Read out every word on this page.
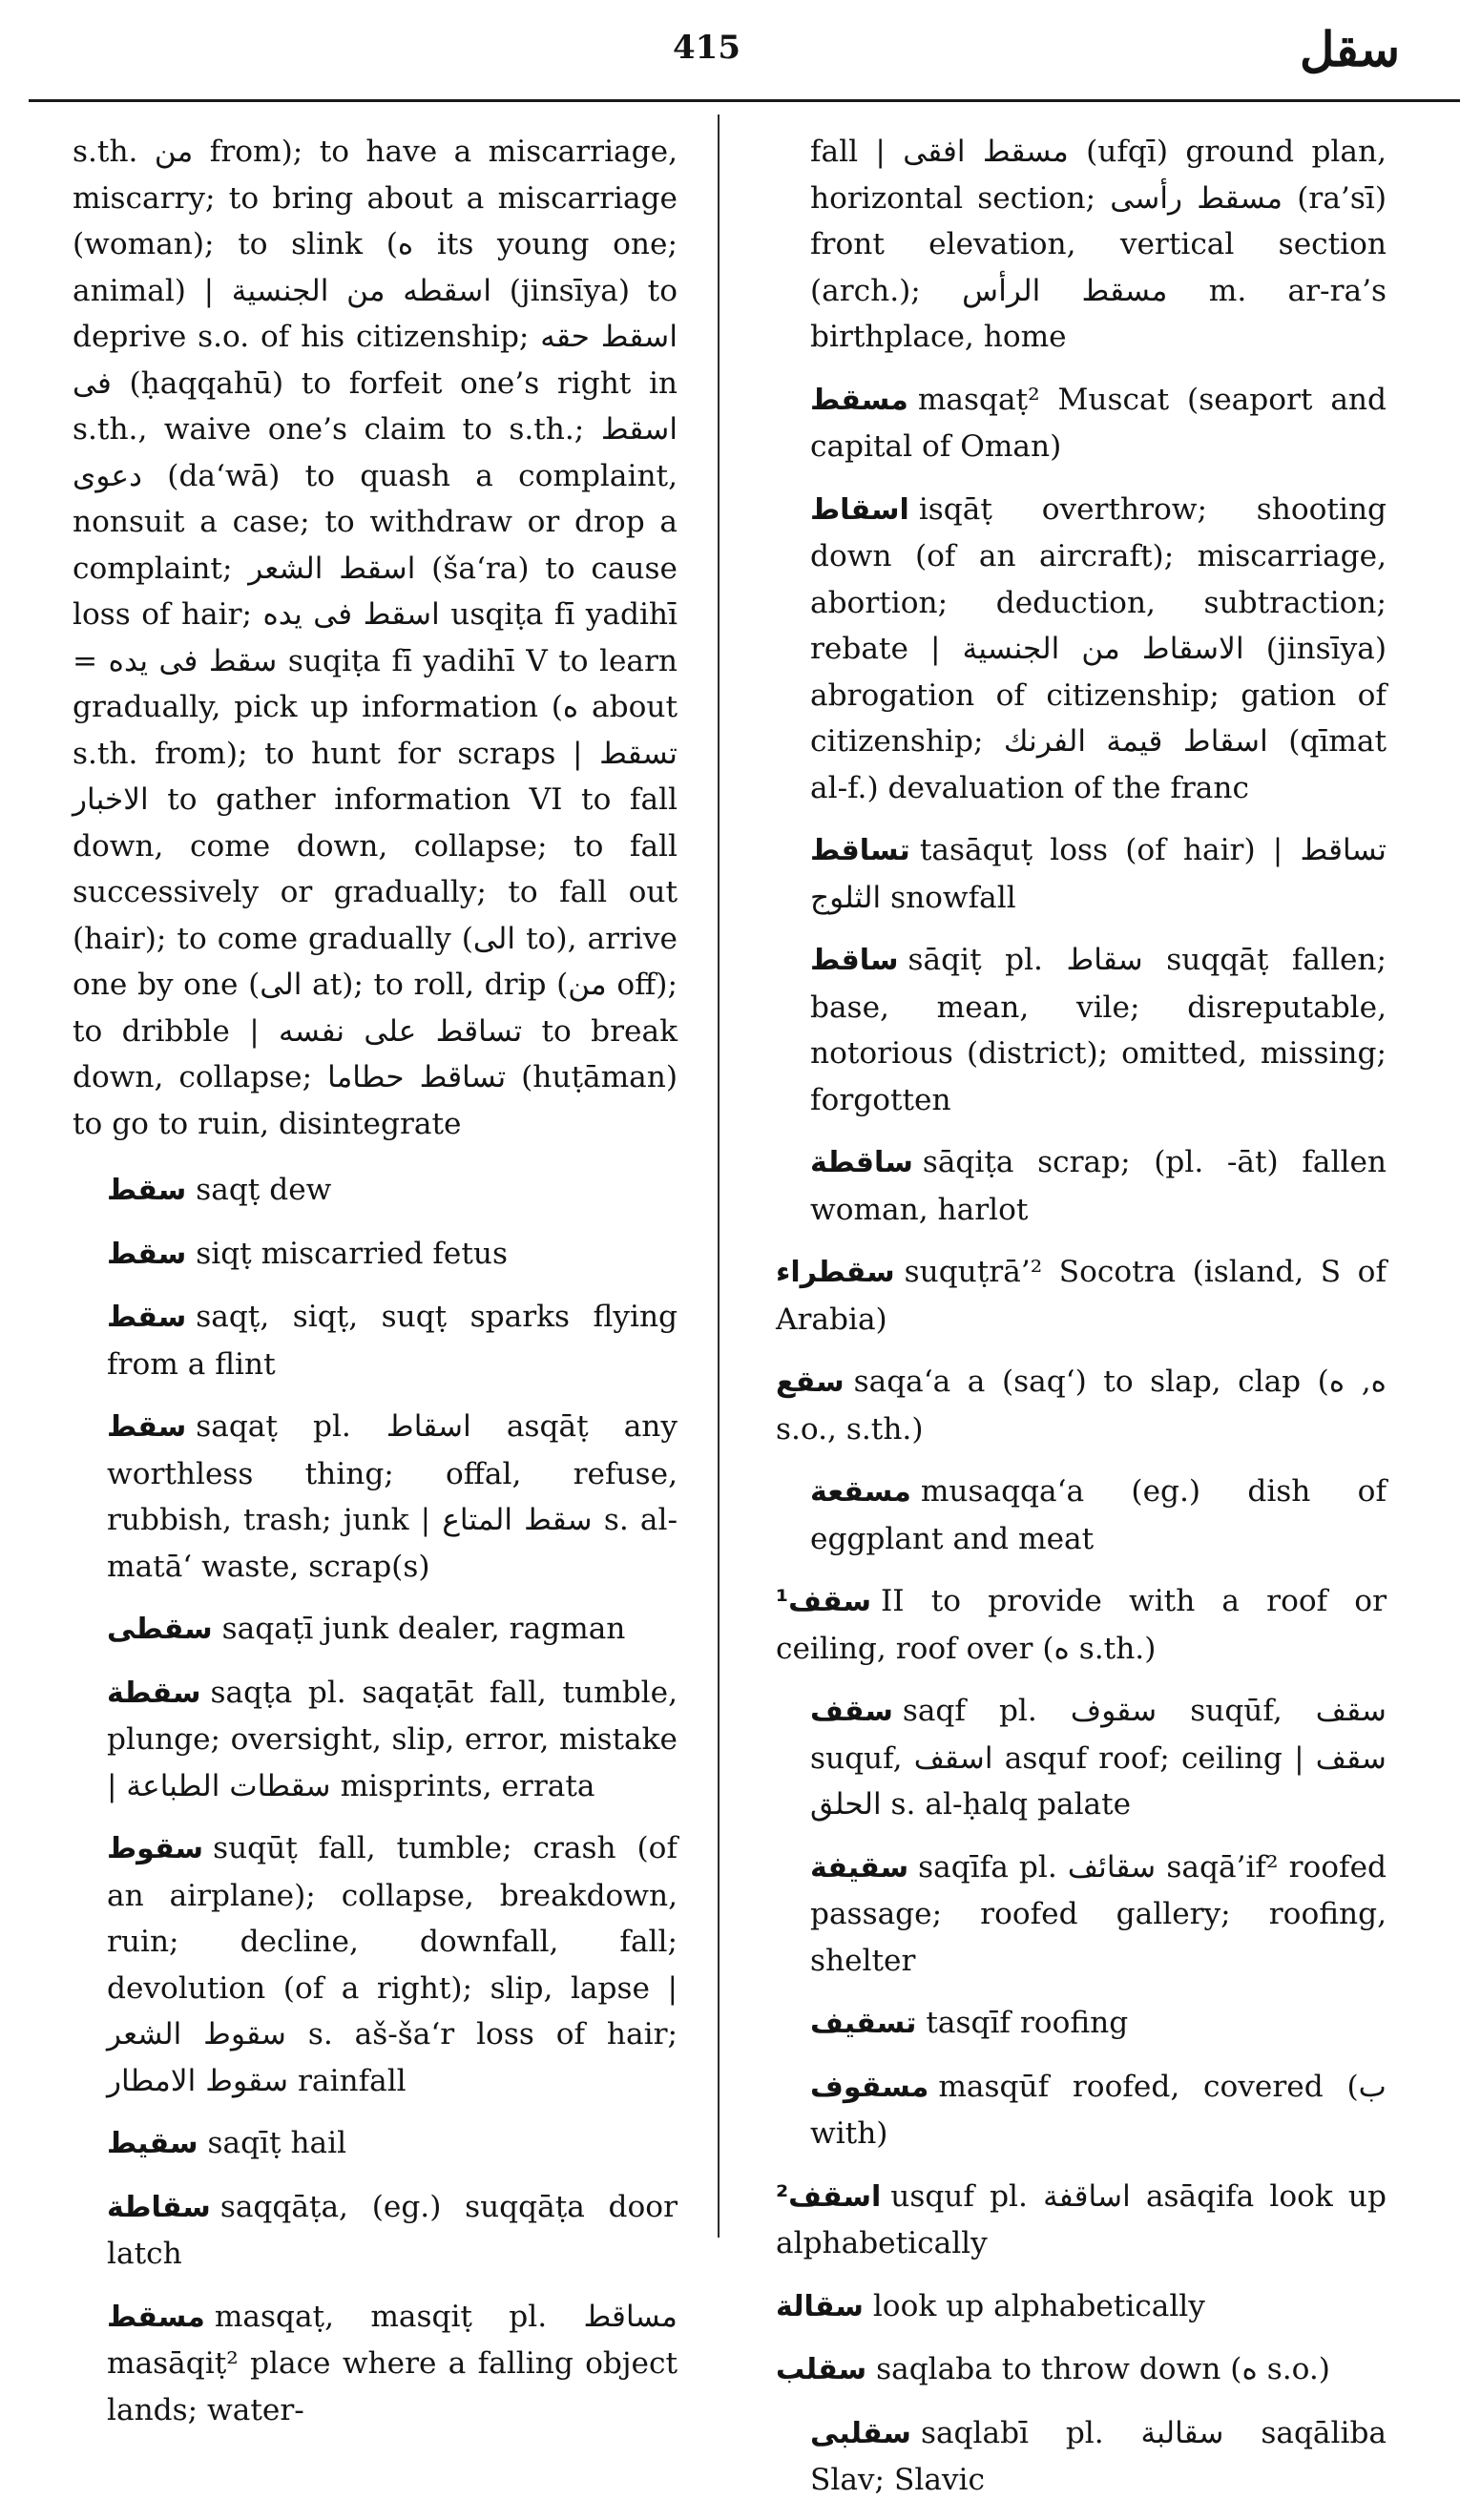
415	سقل

s.th. من from); to have a miscarriage, miscarry; to bring about a miscarriage (woman); to slink (ه its young one; animal) | اسقطه من الجنسية (jinsīya) to deprive s.o. of his citizenship; اسقط حقه فى (ḥaqqahū) to forfeit one’s right in s.th., waive one’s claim to s.th.; اسقط دعوى (da‘wā) to quash a complaint, nonsuit a case; to withdraw or drop a complaint; اسقط الشعر (ša‘ra) to cause loss of hair; اسقط فى يده usqiṭa fī yadihī = سقط فى يده suqiṭa fī yadihī V to learn gradually, pick up information (ه about s.th. from); to hunt for scraps | تسقط الاخبار to gather information VI to fall down, come down, collapse; to fall successively or gradually; to fall out (hair); to come gradually (الى to), arrive one by one (الى at); to roll, drip (من off); to dribble | تساقط على نفسه to break down, collapse; تساقط حطاما (huṭāman) to go to ruin, disintegrate

سقط saqṭ dew

سقط siqṭ miscarried fetus

سقط saqṭ, siqṭ, suqṭ sparks flying from a flint

سقط saqaṭ pl. اسقاط asqāṭ any worthless thing; offal, refuse, rubbish, trash; junk | سقط المتاع s. al-matā‘ waste, scrap(s)

سقطى saqaṭī junk dealer, ragman

سقطة saqṭa pl. saqaṭāt fall, tumble, plunge; oversight, slip, error, mistake | سقطات الطباعة misprints, errata

سقوط suqūṭ fall, tumble; crash (of an airplane); collapse, breakdown, ruin; decline, downfall, fall; devolution (of a right); slip, lapse | سقوط الشعر s. aš-ša‘r loss of hair; سقوط الامطار rainfall

سقيط saqīṭ hail

سقاطة saqqāṭa, (eg.) suqqāṭa door latch

مسقط masqaṭ, masqiṭ pl. مساقط masāqiṭ² place where a falling object lands; water-

fall | مسقط افقى (ufqī) ground plan, horizontal section; مسقط رأسى (ra’sī) front elevation, vertical section (arch.); مسقط الرأس m. ar-ra’s birthplace, home

مسقط masqaṭ² Muscat (seaport and capital of Oman)

اسقاط isqāṭ overthrow; shooting down (of an aircraft); miscarriage, abortion; deduction, subtraction; rebate | الاسقاط من الجنسية (jinsīya) abrogation of citizenship; gation of citizenship; اسقاط قيمة الفرنك (qīmat al-f.) devaluation of the franc

تساقط tasāquṭ loss (of hair) | تساقط الثلوج snowfall

ساقط sāqiṭ pl. سقاط suqqāṭ fallen; base, mean, vile; disreputable, notorious (district); omitted, missing; forgotten

ساقطة sāqiṭa scrap; (pl. -āt) fallen woman, harlot

سقطراء suquṭrā’² Socotra (island, S of Arabia)

سقع saqa‘a a (saq‘) to slap, clap (ه, ه s.o., s.th.)

مسقعة musaqqa‘a (eg.) dish of eggplant and meat

¹سقف II to provide with a roof or ceiling, roof over (ه s.th.)

سقف saqf pl. سقوف suqūf, سقف suquf, اسقف asquf roof; ceiling | سقف الحلق s. al-ḥalq palate

سقيفة saqīfa pl. سقائف saqā’if² roofed passage; roofed gallery; roofing, shelter

تسقيف tasqīf roofing

مسقوف masqūf roofed, covered (ب with)

²اسقف usquf pl. اساقفة asāqifa look up alphabetically

سقالة look up alphabetically

سقلب saqlaba to throw down (ه s.o.)

سقلبى saqlabī pl. سقالبة saqāliba Slav; Slavic
